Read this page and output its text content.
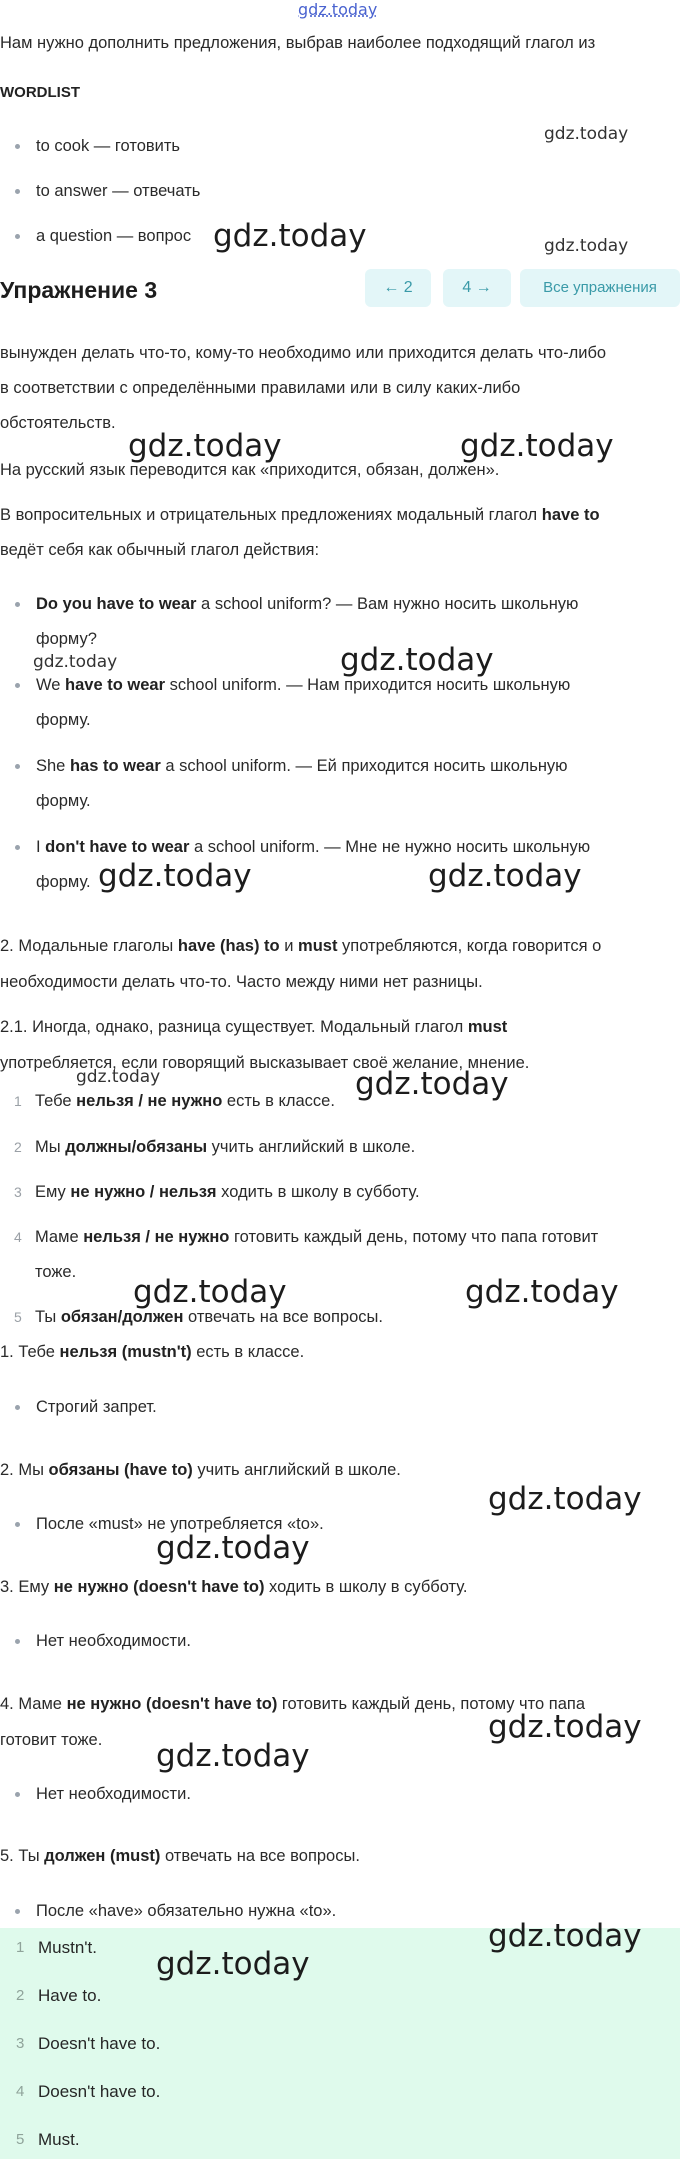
gdz.today
Нам нужно дополнить предложения, выбрав наиболее подходящий глагол из
WORDLIST
to cook — готовить
to answer — отвечать
a question — вопрос
gdz.today
gdz.today	gdz.today
Упражнение 3	← 2	4 →	Все упражнения
вынужден делать что-то, кому-то необходимо или приходится делать что-либо
в соответствии с определёнными правилами или в силу каких-либо
обстоятельств.
gdz.today	gdz.today
На русский язык переводится как «приходится, обязан, должен».
В вопросительных и отрицательных предложениях модальный глагол have to
ведёт себя как обычный глагол действия:
Do you have to wear a school uniform? — Вам нужно носить школьную
форму?
gdz.today	gdz.today
We have to wear school uniform. — Нам приходится носить школьную
форму.
She has to wear a school uniform. — Ей приходится носить школьную
форму.
I don't have to wear a school uniform. — Мне не нужно носить школьную
форму. gdz.today	gdz.today
2. Модальные глаголы have (has) to и must употребляются, когда говорится о
необходимости делать что-то. Часто между ними нет разницы.
2.1. Иногда, однако, разница существует. Модальный глагол must
употребляется, если говорящий высказывает своё желание, мнение.
gdz.today	gdz.today
1 Тебе нельзя / не нужно есть в классе.
2 Мы должны/обязаны учить английский в школе.
3 Ему не нужно / нельзя ходить в школу в субботу.
4 Маме нельзя / не нужно готовить каждый день, потому что папа готовит
тоже.
gdz.today	gdz.today
5 Ты обязан/должен отвечать на все вопросы.
1. Тебе нельзя (mustn't) есть в классе.
Строгий запрет.
2. Мы обязаны (have to) учить английский в школе.
gdz.today
После «must» не употребляется «to».
gdz.today
3. Ему не нужно (doesn't have to) ходить в школу в субботу.
Нет необходимости.
4. Маме не нужно (doesn't have to) готовить каждый день, потому что папа
готовит тоже.	gdz.today
gdz.today
Нет необходимости.
5. Ты должен (must) отвечать на все вопросы.
После «have» обязательно нужна «to».
1 Mustn't.
2 Have to.
3 Doesn't have to.
4 Doesn't have to.
5 Must.
gdz.today
gdz.today
